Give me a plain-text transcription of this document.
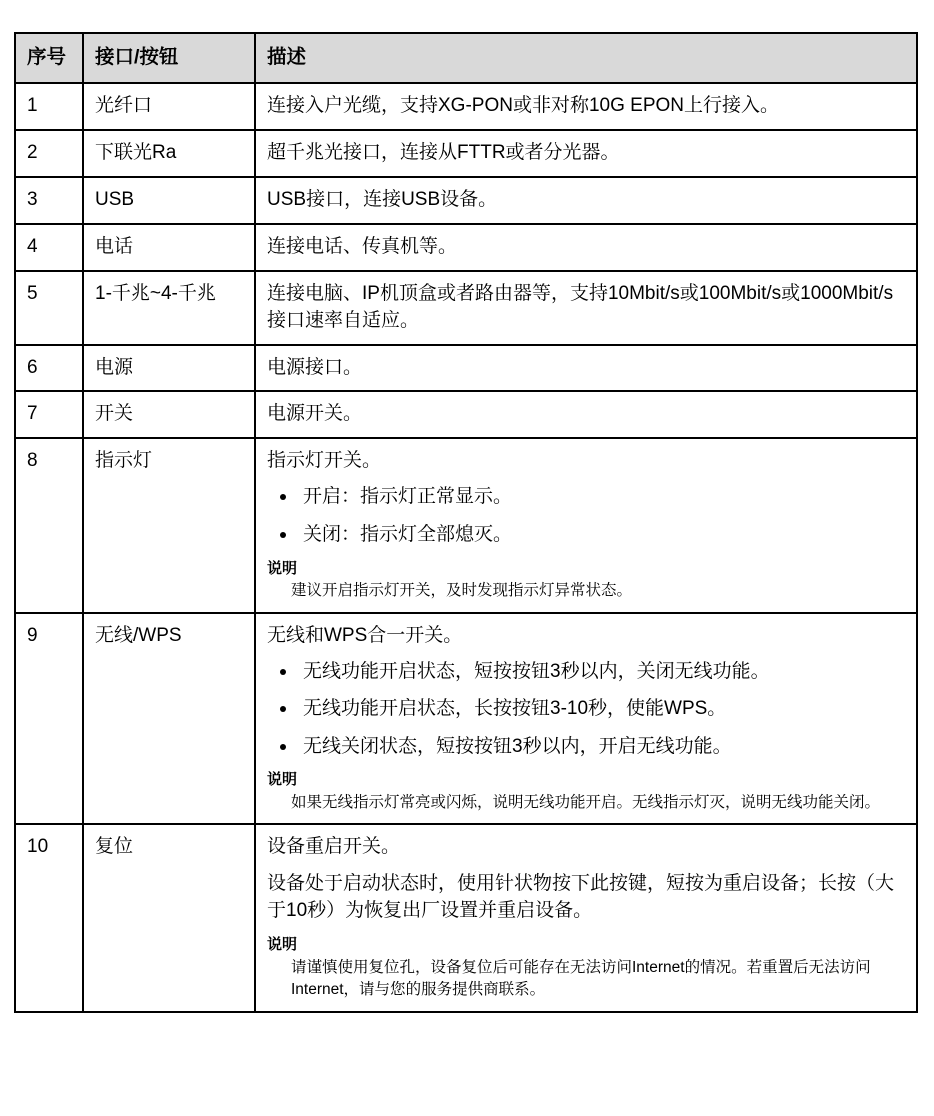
序号	接口/按钮	描述
1	光纤口	连接入户光缆，支持XG-PON或非对称10G EPON上行接入。

2	下联光Ra	超千兆光接口，连接从FTTR或者分光器。

3	USB	USB接口，连接USB设备。

4	电话	连接电话、传真机等。

5	1-千兆~4-千兆	连接电脑、IP机顶盒或者路由器等，支持10Mbit/s或100Mbit/s或1000Mbit/s接口速率自适应。

6	电源	电源接口。

7	开关	电源开关。

8	指示灯	指示灯开关。

开启：指示灯正常显示。
关闭：指示灯全部熄灭。

说明

建议开启指示灯开关，及时发现指示灯异常状态。

9	无线/WPS	无线和WPS合一开关。

无线功能开启状态，短按按钮3秒以内，关闭无线功能。
无线功能开启状态，长按按钮3-10秒，使能WPS。
无线关闭状态，短按按钮3秒以内，开启无线功能。

说明

如果无线指示灯常亮或闪烁，说明无线功能开启。无线指示灯灭，说明无线功能关闭。

10	复位	设备重启开关。

设备处于启动状态时，使用针状物按下此按键，短按为重启设备；长按（大于10秒）为恢复出厂设置并重启设备。

说明

请谨慎使用复位孔，设备复位后可能存在无法访问Internet的情况。若重置后无法访问Internet，请与您的服务提供商联系。
